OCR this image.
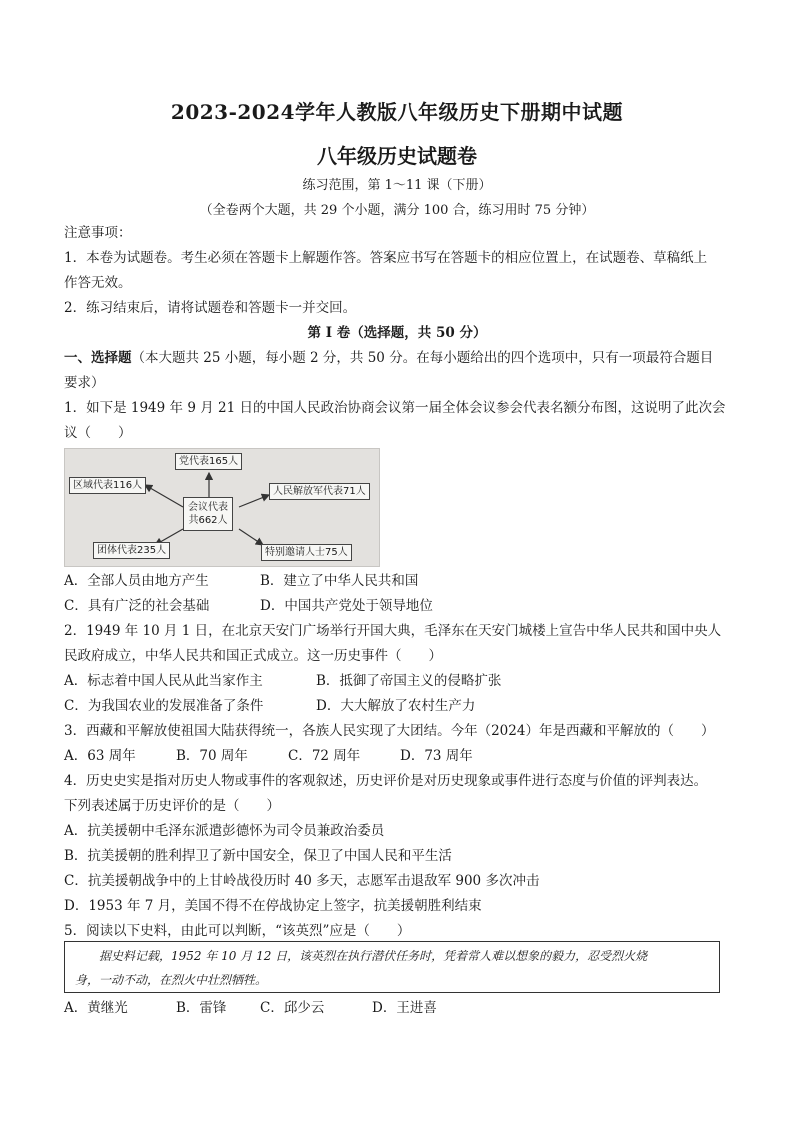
2023-2024学年人教版八年级历史下册期中试题
八年级历史试题卷
练习范围，第 1～11 课（下册）
（全卷两个大题，共 29 个小题，满分 100 合，练习用时 75 分钟）
注意事项：
1．本卷为试题卷。考生必须在答题卡上解题作答。答案应书写在答题卡的相应位置上，在试题卷、草稿纸上
作答无效。
2．练习结束后，请将试题卷和答题卡一并交回。
第 I 卷（选择题，共 50 分）
一、选择题（本大题共 25 小题，每小题 2 分，共 50 分。在每小题给出的四个选项中，只有一项最符合题目
要求）
1．如下是 1949 年 9 月 21 日的中国人民政治协商会议第一届全体会议参会代表名额分布图，这说明了此次会
议（　　）
党代表165人
区域代表116人
人民解放军代表71人
会议代表
共662人
团体代表235人	特别邀请人士75人
A．全部人员由地方产生	B．建立了中华人民共和国
C．具有广泛的社会基础	D．中国共产党处于领导地位
2．1949 年 10 月 1 日，在北京天安门广场举行开国大典，毛泽东在天安门城楼上宣告中华人民共和国中央人
民政府成立，中华人民共和国正式成立。这一历史事件（　　）
A．标志着中国人民从此当家作主	B．抵御了帝国主义的侵略扩张
C．为我国农业的发展准备了条件	D．大大解放了农村生产力
3．西藏和平解放使祖国大陆获得统一，各族人民实现了大团结。今年（2024）年是西藏和平解放的（　　）
A．63 周年	B．70 周年	C．72 周年	D．73 周年
4．历史史实是指对历史人物或事件的客观叙述，历史评价是对历史现象或事件进行态度与价值的评判表达。
下列表述属于历史评价的是（　　）
A．抗美援朝中毛泽东派遣彭德怀为司令员兼政治委员
B．抗美援朝的胜利捍卫了新中国安全，保卫了中国人民和平生活
C．抗美援朝战争中的上甘岭战役历时 40 多天，志愿军击退敌军 900 多次冲击
D．1953 年 7 月，美国不得不在停战协定上签字，抗美援朝胜利结束
5．阅读以下史料，由此可以判断，“该英烈”应是（　　）
据史料记载，1952 年 10 月 12 日，该英烈在执行潜伏任务时，凭着常人难以想象的毅力，忍受烈火烧
身，一动不动，在烈火中壮烈牺牲。
A．黄继光	B．雷锋	C．邱少云	D．王进喜
